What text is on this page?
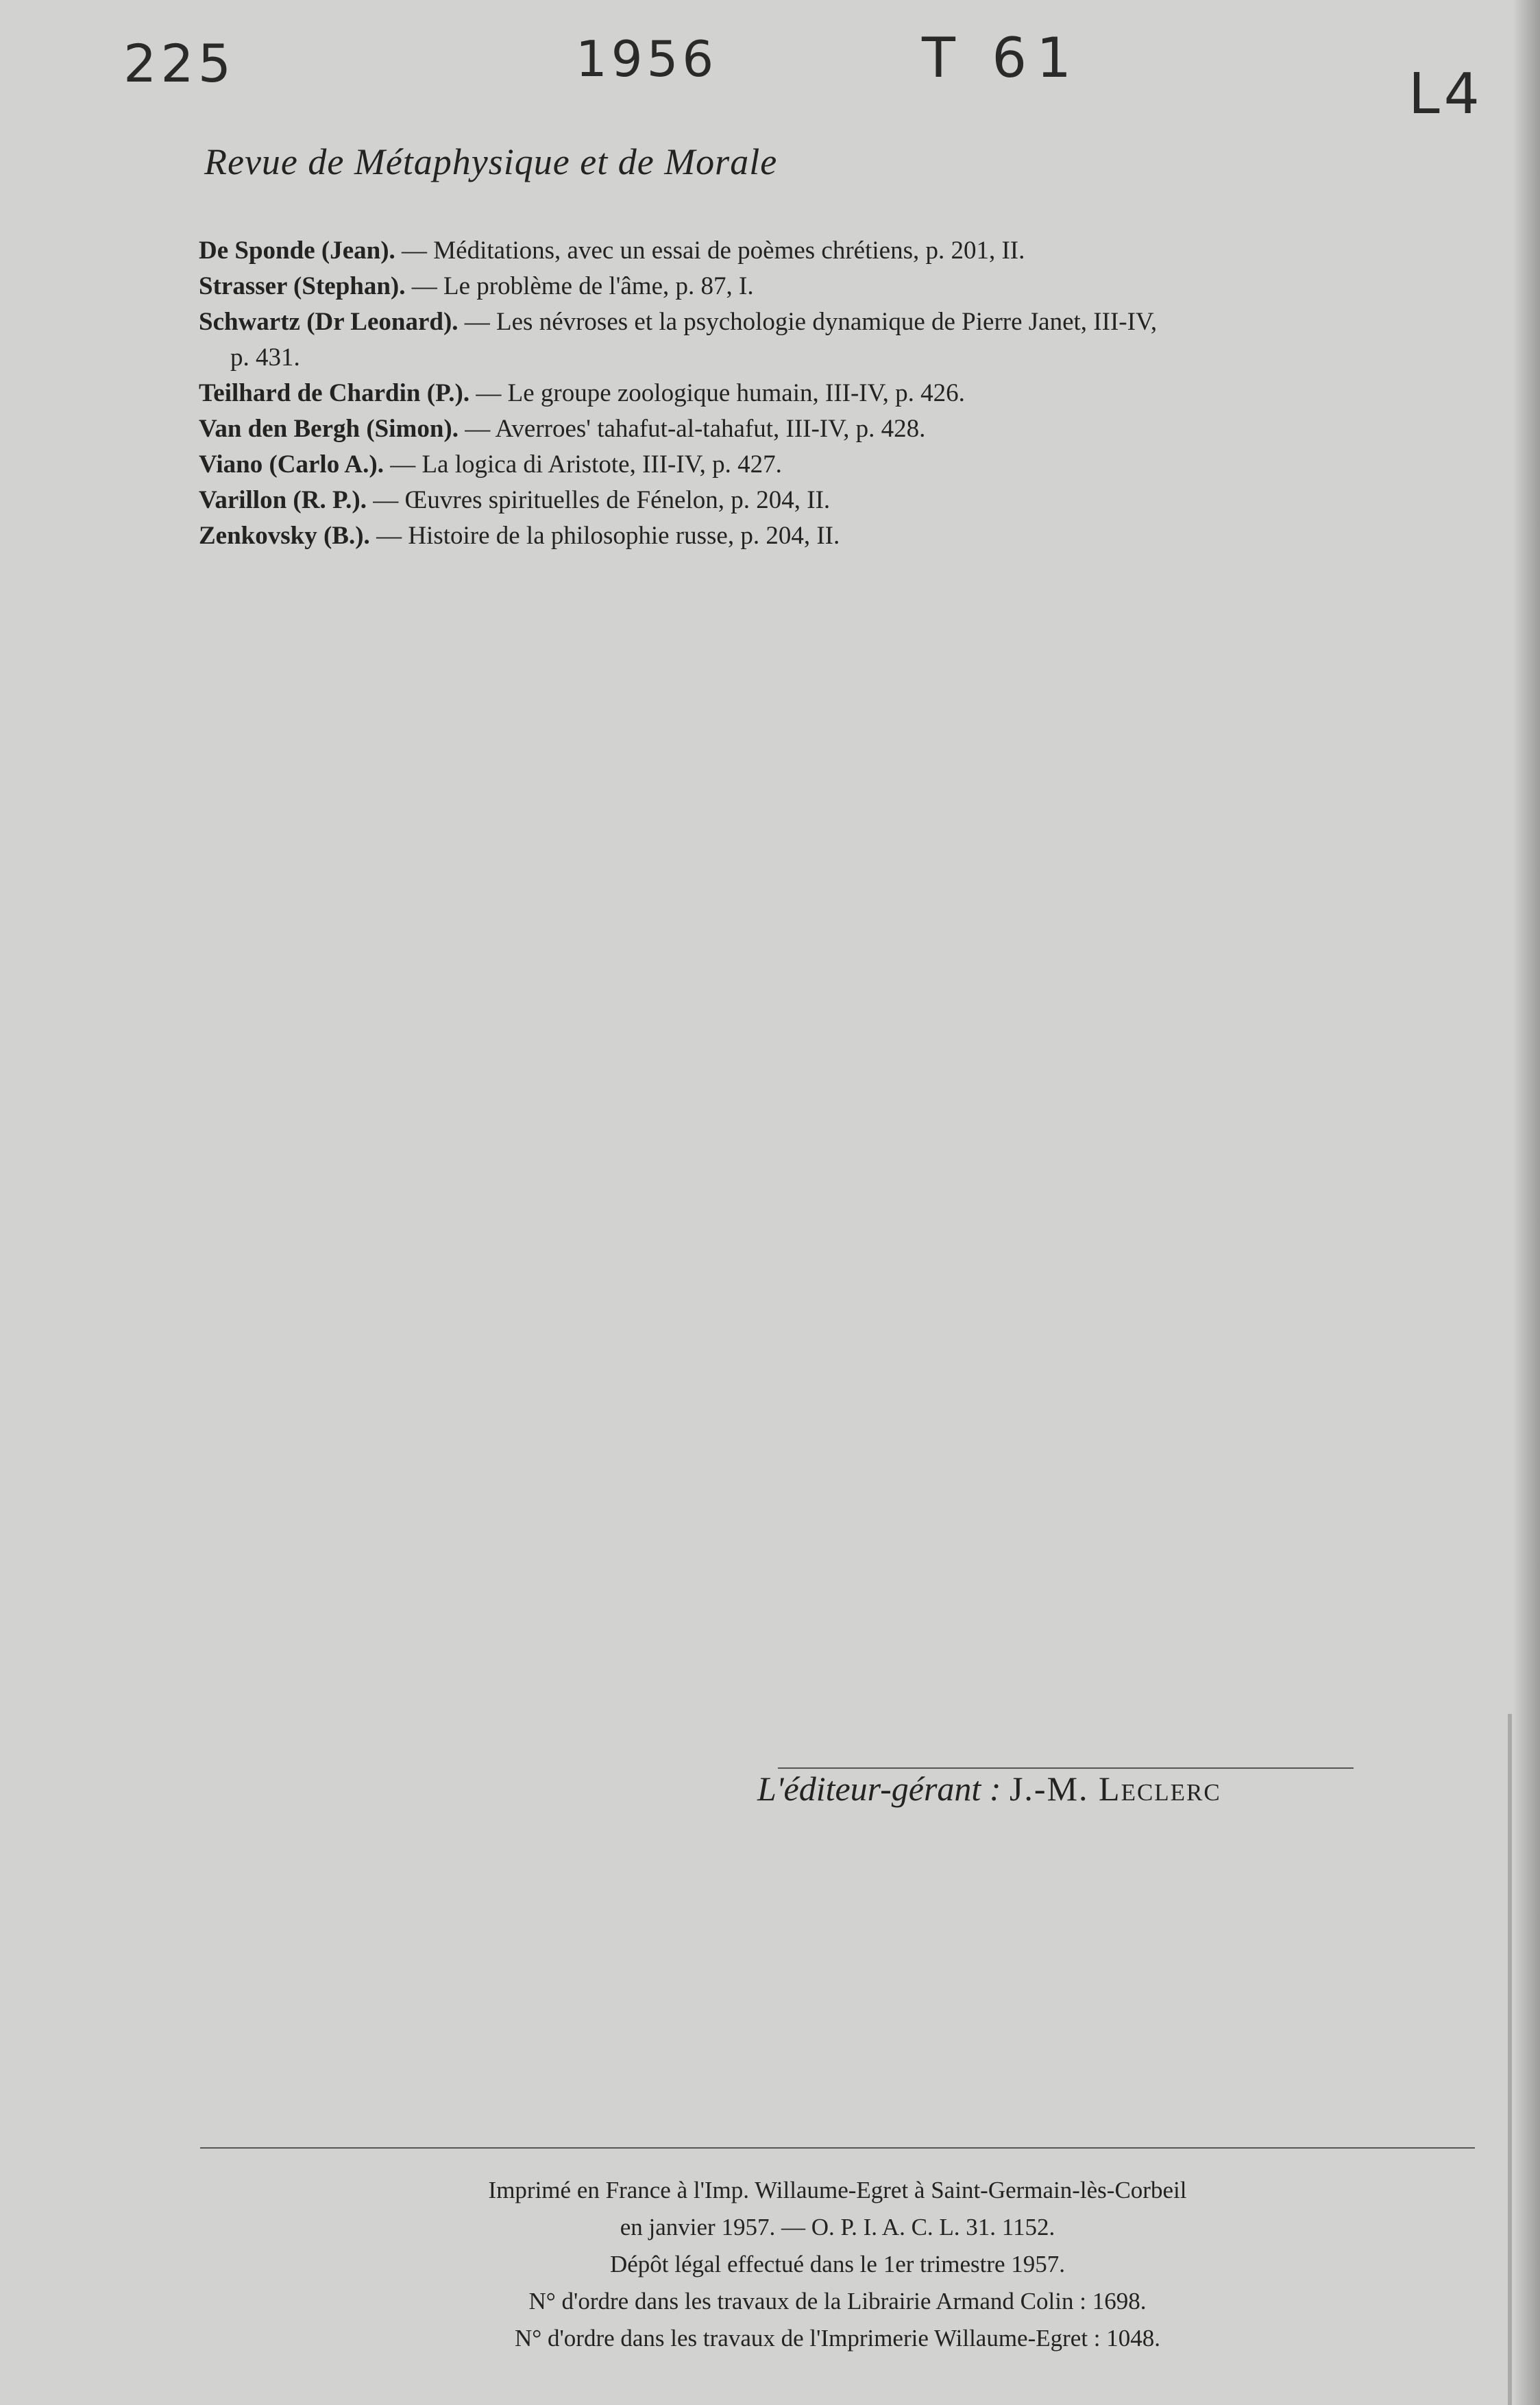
225	1956	T 61
L4
Revue de Métaphysique et de Morale
De Sponde (Jean). — Méditations, avec un essai de poèmes chrétiens, p. 201, II.
Strasser (Stephan). — Le problème de l'âme, p. 87, I.
Schwartz (Dr Leonard). — Les névroses et la psychologie dynamique de Pierre Janet, III-IV,
p. 431.
Teilhard de Chardin (P.). — Le groupe zoologique humain, III-IV, p. 426.
Van den Bergh (Simon). — Averroes' tahafut-al-tahafut, III-IV, p. 428.
Viano (Carlo A.). — La logica di Aristote, III-IV, p. 427.
Varillon (R. P.). — Œuvres spirituelles de Fénelon, p. 204, II.
Zenkovsky (B.). — Histoire de la philosophie russe, p. 204, II.
L'éditeur-gérant : J.-M. Leclerc
Imprimé en France à l'Imp. Willaume-Egret à Saint-Germain-lès-Corbeil
en janvier 1957. — O. P. I. A. C. L. 31. 1152.
Dépôt légal effectué dans le 1er trimestre 1957.
N° d'ordre dans les travaux de la Librairie Armand Colin : 1698.
N° d'ordre dans les travaux de l'Imprimerie Willaume-Egret : 1048.
